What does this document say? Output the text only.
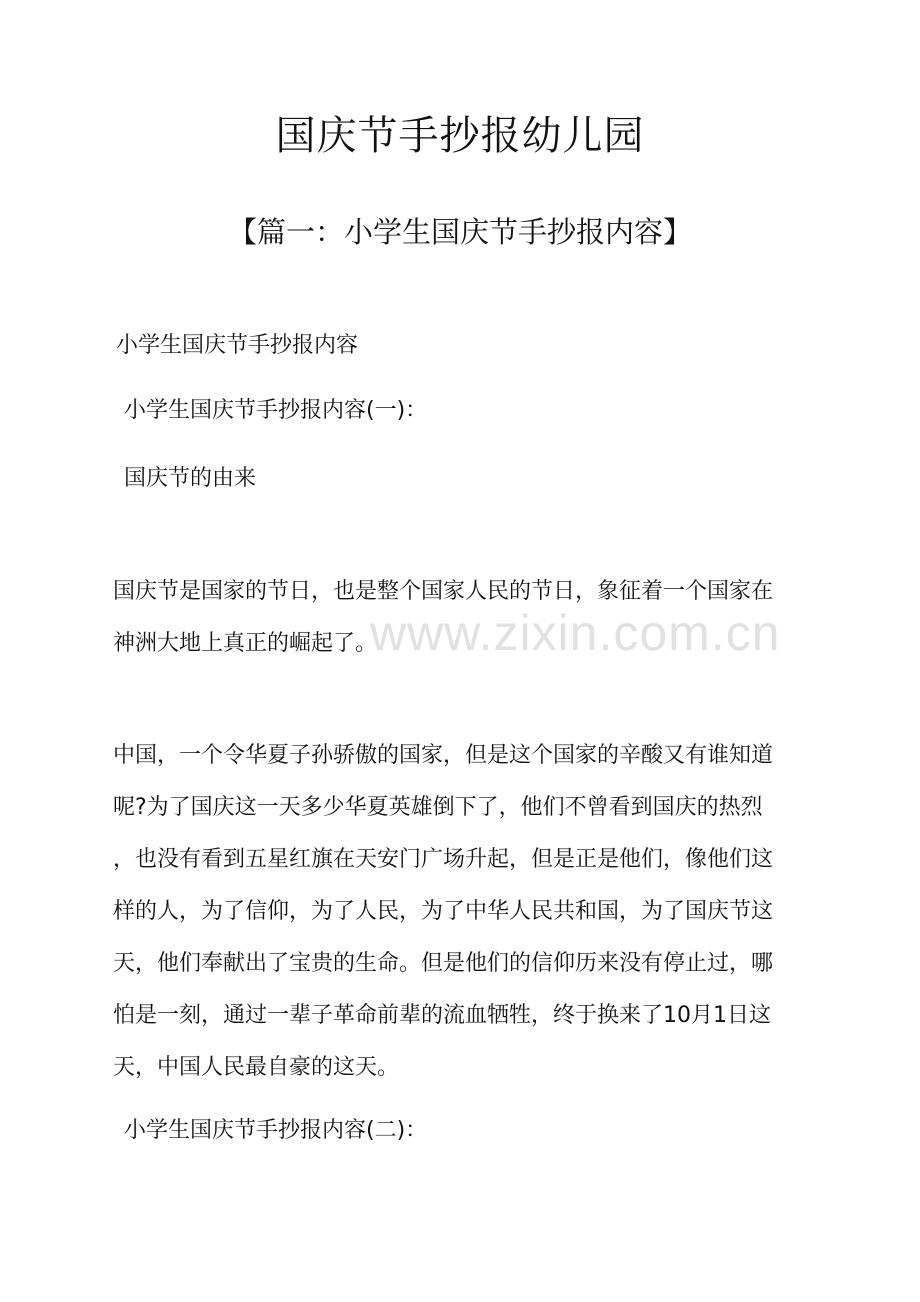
国庆节手抄报幼儿园
【篇一：小学生国庆节手抄报内容】
小学生国庆节手抄报内容
小学生国庆节手抄报内容(一)：
国庆节的由来

国庆节是国家的节日，也是整个国家人民的节日，象征着一个国家在
神洲大地上真正的崛起了。

中国，一个令华夏子孙骄傲的国家，但是这个国家的辛酸又有谁知道
呢?为了国庆这一天多少华夏英雄倒下了，他们不曾看到国庆的热烈
，也没有看到五星红旗在天安门广场升起，但是正是他们，像他们这
样的人，为了信仰，为了人民，为了中华人民共和国，为了国庆节这
天，他们奉献出了宝贵的生命。但是他们的信仰历来没有停止过，哪
怕是一刻，通过一辈子革命前辈的流血牺牲，终于换来了10月1日这
天，中国人民最自豪的这天。

小学生国庆节手抄报内容(二)：
www.zixin.com.cn
